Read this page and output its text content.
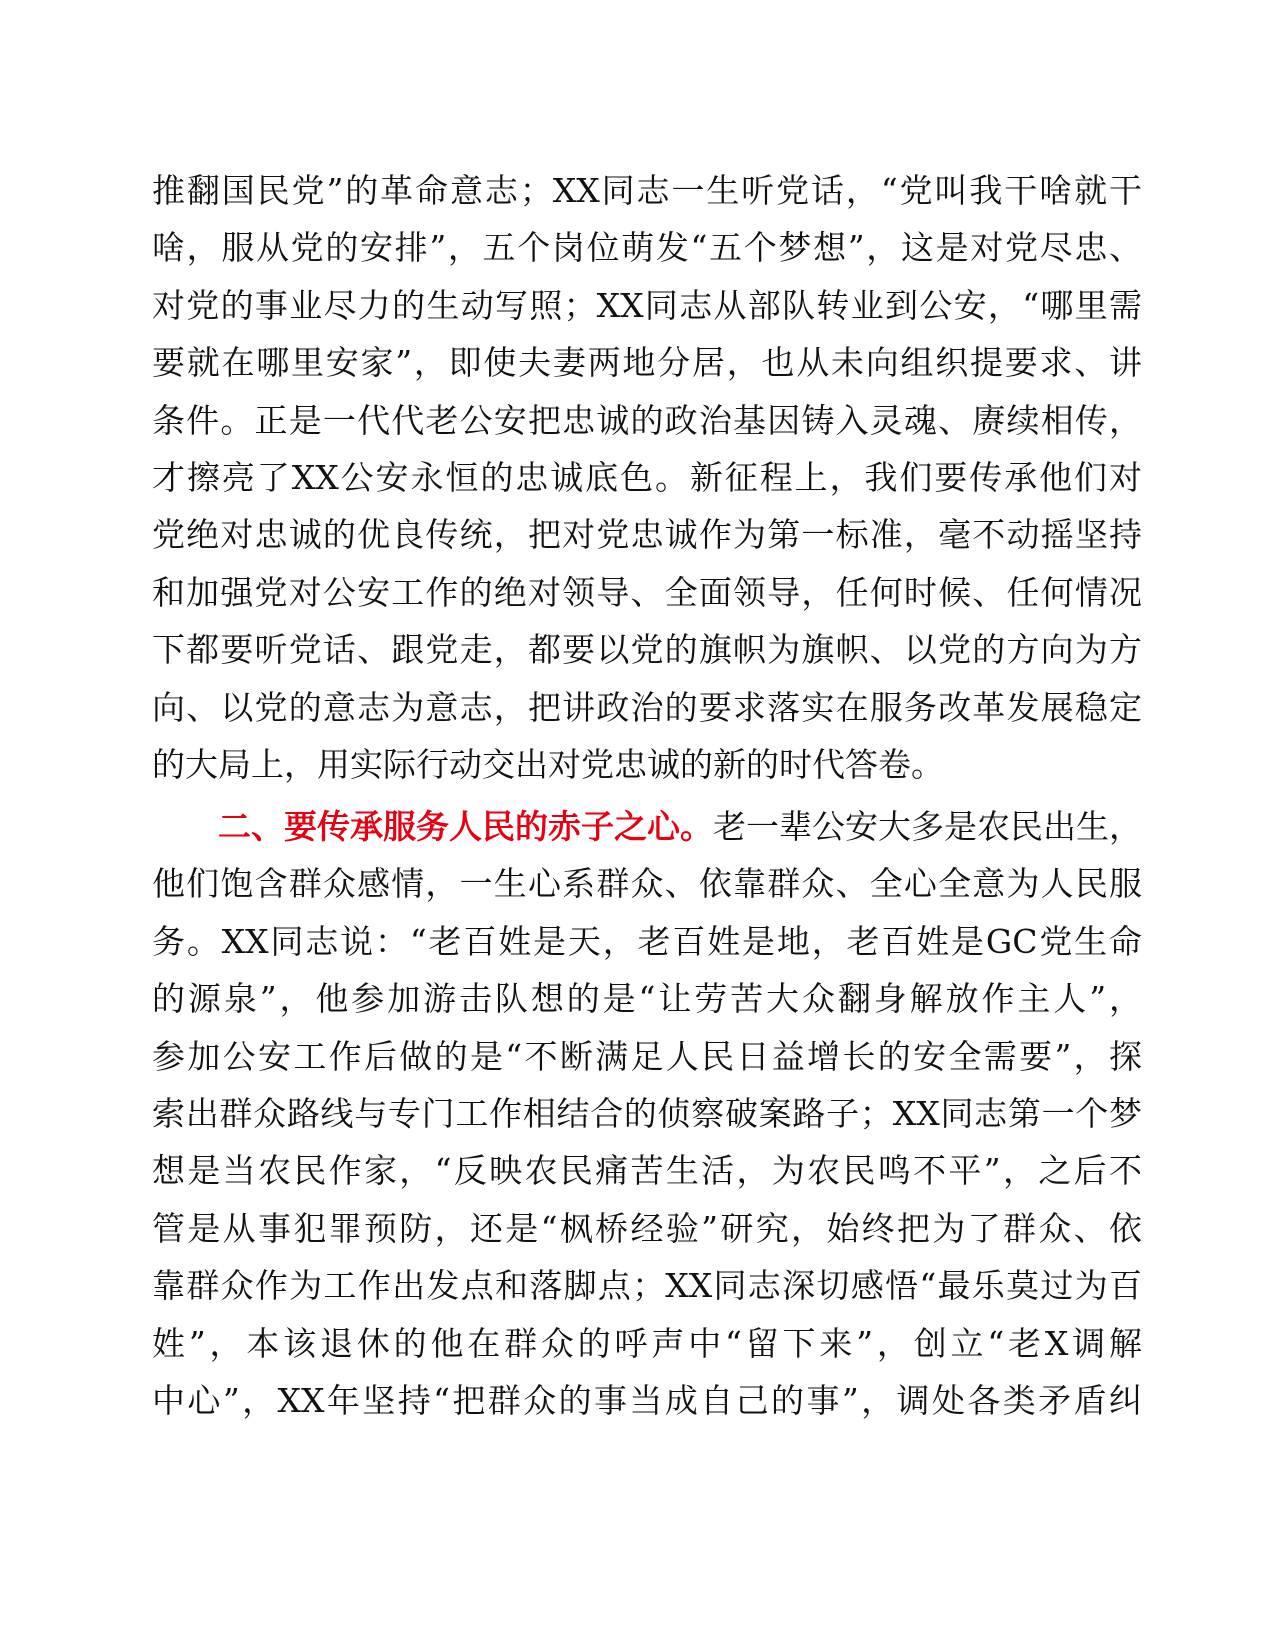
推翻国民党”的革命意志；XX同志一生听党话，“党叫我干啥就干
啥，服从党的安排”，五个岗位萌发“五个梦想”，这是对党尽忠、
对党的事业尽力的生动写照；XX同志从部队转业到公安，“哪里需
要就在哪里安家”，即使夫妻两地分居，也从未向组织提要求、讲
条件。正是一代代老公安把忠诚的政治基因铸入灵魂、赓续相传，
才擦亮了XX公安永恒的忠诚底色。新征程上，我们要传承他们对
党绝对忠诚的优良传统，把对党忠诚作为第一标准，毫不动摇坚持
和加强党对公安工作的绝对领导、全面领导，任何时候、任何情况
下都要听党话、跟党走，都要以党的旗帜为旗帜、以党的方向为方
向、以党的意志为意志，把讲政治的要求落实在服务改革发展稳定
的大局上，用实际行动交出对党忠诚的新的时代答卷。
二、要传承服务人民的赤子之心。老一辈公安大多是农民出生，
他们饱含群众感情，一生心系群众、依靠群众、全心全意为人民服
务。XX同志说：“老百姓是天，老百姓是地，老百姓是GC党生命
的源泉”，他参加游击队想的是“让劳苦大众翻身解放作主人”，
参加公安工作后做的是“不断满足人民日益增长的安全需要”，探
索出群众路线与专门工作相结合的侦察破案路子；XX同志第一个梦
想是当农民作家，“反映农民痛苦生活，为农民鸣不平”，之后不
管是从事犯罪预防，还是“枫桥经验”研究，始终把为了群众、依
靠群众作为工作出发点和落脚点；XX同志深切感悟“最乐莫过为百
姓”，本该退休的他在群众的呼声中“留下来”，创立“老X调解
中心”，XX年坚持“把群众的事当成自己的事”，调处各类矛盾纠
